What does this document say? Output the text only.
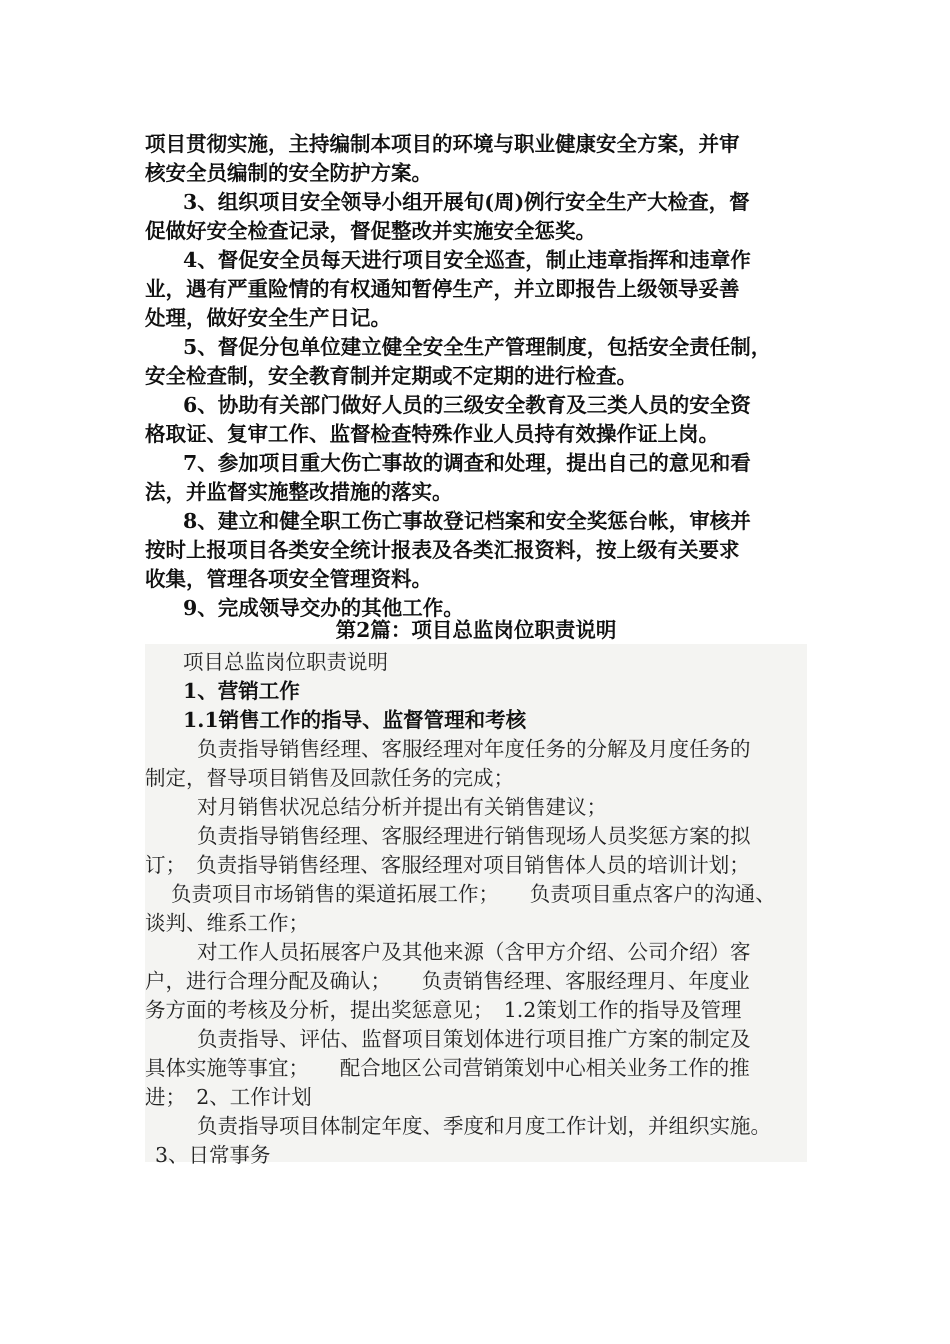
项目贯彻实施，主持编制本项目的环境与职业健康安全方案，并审
核安全员编制的安全防护方案。
3、组织项目安全领导小组开展旬(周)例行安全生产大检查，督
促做好安全检查记录，督促整改并实施安全惩奖。
4、督促安全员每天进行项目安全巡查，制止违章指挥和违章作
业，遇有严重险情的有权通知暂停生产，并立即报告上级领导妥善
处理，做好安全生产日记。
5、督促分包单位建立健全安全生产管理制度，包括安全责任制，
安全检查制，安全教育制并定期或不定期的进行检查。
6、协助有关部门做好人员的三级安全教育及三类人员的安全资
格取证、复审工作、监督检查特殊作业人员持有效操作证上岗。
7、参加项目重大伤亡事故的调查和处理，提出自己的意见和看
法，并监督实施整改措施的落实。
8、建立和健全职工伤亡事故登记档案和安全奖惩台帐，审核并
按时上报项目各类安全统计报表及各类汇报资料，按上级有关要求
收集，管理各项安全管理资料。
9、完成领导交办的其他工作。
项目总监岗位职责说明
1、营销工作
1.1销售工作的指导、监督管理和考核
负责指导销售经理、客服经理对年度任务的分解及月度任务的
制定，督导项目销售及回款任务的完成；
对月销售状况总结分析并提出有关销售建议；
负责指导销售经理、客服经理进行销售现场人员奖惩方案的拟
订；　负责指导销售经理、客服经理对项目销售体人员的培训计划；
负责项目市场销售的渠道拓展工作；　　负责项目重点客户的沟通、
谈判、维系工作；
对工作人员拓展客户及其他来源（含甲方介绍、公司介绍）客
户，进行合理分配及确认；　　负责销售经理、客服经理月、年度业
务方面的考核及分析，提出奖惩意见；　1.2策划工作的指导及管理
负责指导、评估、监督项目策划体进行项目推广方案的制定及
具体实施等事宜；　　配合地区公司营销策划中心相关业务工作的推
进；　2、工作计划
负责指导项目体制定年度、季度和月度工作计划，并组织实施。
3、日常事务
第2篇：项目总监岗位职责说明
